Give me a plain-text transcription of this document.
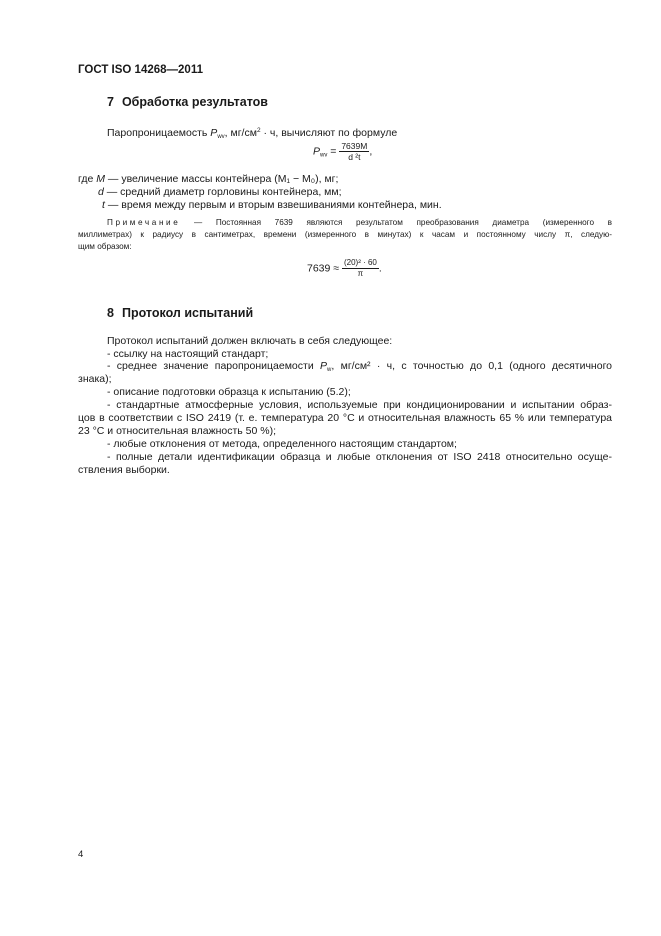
ГОСТ ISO 14268—2011
7 Обработка результатов
Паропроницаемость $P_{wv}$, $мг/см^2 \cdot ч$, вычисляют по формуле
$P_{wv} = \frac{7639M}{\text{d ²t}}$ ,
где M — увеличение массы контейнера (M₁ − M₀), мг;
d — средний диаметр горловины контейнера, мм;
t — время между первым и вторым взвешиваниями контейнера, мин.
Примечание — Постоянная 7639 являются результатом преобразования диаметра (измеренного в
миллиметрах) к радиусу в сантиметрах, времени (измеренного в минутах) к часам и постоянному числу π, следую-
щим образом:
$7639 \approx \frac{\text{(20)² · 60}}{\pi}$ .
8 Протокол испытаний
Протокол испытаний должен включать в себя следующее:
- ссылку на настоящий стандарт;
- среднее значение паропроницаемости $P_w$, мг/см² · ч, с точностью до 0,1 (одного десятичного
знака);
- описание подготовки образца к испытанию (5.2);
- стандартные атмосферные условия, используемые при кондиционировании и испытании образ-
цов в соответствии с ISO 2419 (т. е. температура 20 °С и относительная влажность 65 % или температура
23 °С и относительная влажность 50 %);
- любые отклонения от метода, определенного настоящим стандартом;
- полные детали идентификации образца и любые отклонения от ISO 2418 относительно осуще-
ствления выборки.
4
